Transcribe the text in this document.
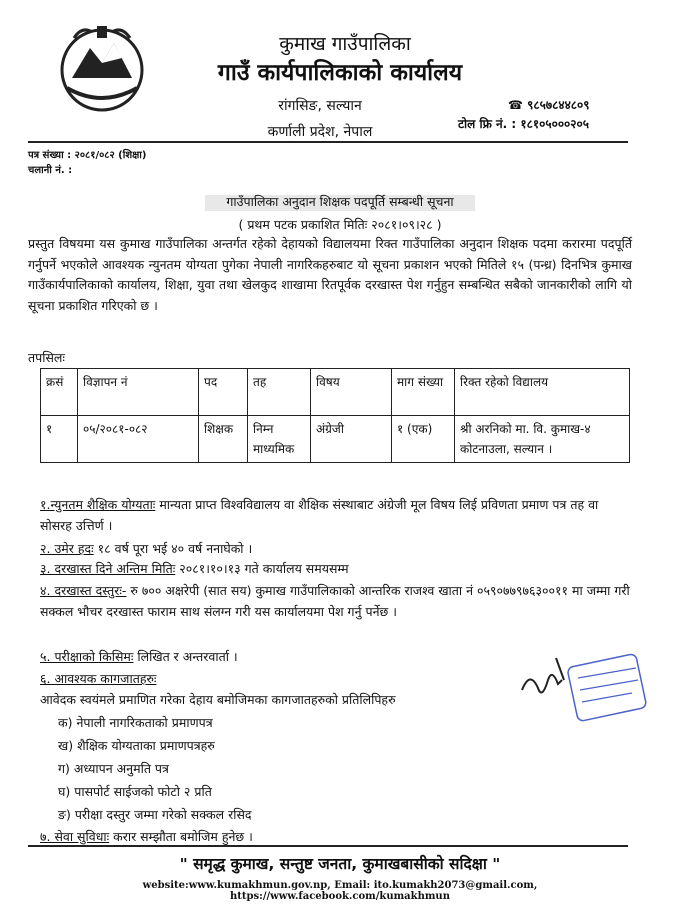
कुमाख गाउँपालिका
गाउँ कार्यपालिकाको कार्यालय
रांगसिङ, सल्यान
कर्णाली प्रदेश, नेपाल
☎ ९८५७८४४८०९
टोल फ्रि नं. : १८१०५०००२०५
पत्र संख्या : २०८१/०८२ (शिक्षा)
चलानी नं. :
गाउँपालिका अनुदान शिक्षक पदपूर्ति सम्बन्धी सूचना
( प्रथम पटक प्रकाशित मितिः २०८१।०९।२८ )
प्रस्तुत विषयमा यस कुमाख गाउँपालिका अन्तर्गत रहेको देहायको विद्यालयमा रिक्त गाउँपालिका अनुदान शिक्षक पदमा करारमा पदपूर्ति गर्नुपर्ने भएकोले आवश्यक न्युनतम योग्यता पुगेका नेपाली नागरिकहरुबाट यो सूचना प्रकाशन भएको मितिले १५ (पन्ध्र) दिनभित्र कुमाख गाउँकार्यपालिकाको कार्यालय, शिक्षा, युवा तथा खेलकुद शाखामा रितपूर्वक दरखास्त पेश गर्नुहुन सम्बन्धित सबैको जानकारीको लागि यो सूचना प्रकाशित गरिएको छ ।
तपसिलः
क्रसं	विज्ञापन नं	पद	तह	विषय	माग संख्या	रिक्त रहेको विद्यालय
१	०५/२०८१-०८२	शिक्षक	निम्न माध्यमिक	अंग्रेजी	१ (एक)	श्री अरनिको मा. वि. कुमाख-४ कोटनाउला, सल्यान ।
१.न्युनतम शैक्षिक योग्यताः मान्यता प्राप्त विश्वविद्यालय वा शैक्षिक संस्थाबाट अंग्रेजी मूल विषय लिई प्रविणता प्रमाण पत्र तह वा सोसरह उत्तिर्ण ।
२. उमेर हदः १८ वर्ष पूरा भई ४० वर्ष ननाघेको ।
३. दरखास्त दिने अन्तिम मितिः २०८१।१०।१३ गते कार्यालय समयसम्म
४. दरखास्त दस्तुरः- रु ७०० अक्षरेपी (सात सय) कुमाख गाउँपालिकाको आन्तरिक राजश्व खाता नं ०५९०७७९७६३००११ मा जम्मा गरी सक्कल भौचर दरखास्त फाराम साथ संलग्न गरी यस कार्यालयमा पेश गर्नु पर्नेछ ।
५. परीक्षाको किसिमः लिखित र अन्तरवार्ता ।
६. आवश्यक कागजातहरुः
आवेदक स्वयंमले प्रमाणित गरेका देहाय बमोजिमका कागजातहरुको प्रतिलिपिहरु
क) नेपाली नागरिकताको प्रमाणपत्र
ख) शैक्षिक योग्यताका प्रमाणपत्रहरु
ग) अध्यापन अनुमति पत्र
घ) पासपोर्ट साईजको फोटो २ प्रति
ङ) परीक्षा दस्तुर जम्मा गरेको सक्कल रसिद
७. सेवा सुविधाः करार सम्झौता बमोजिम हुनेछ ।
" समृद्ध कुमाख, सन्तुष्ट जनता, कुमाखबासीको सदिक्षा "
website:www.kumakhmun.gov.np, Email: ito.kumakh2073@gmail.com, https://www.facebook.com/kumakhmun
